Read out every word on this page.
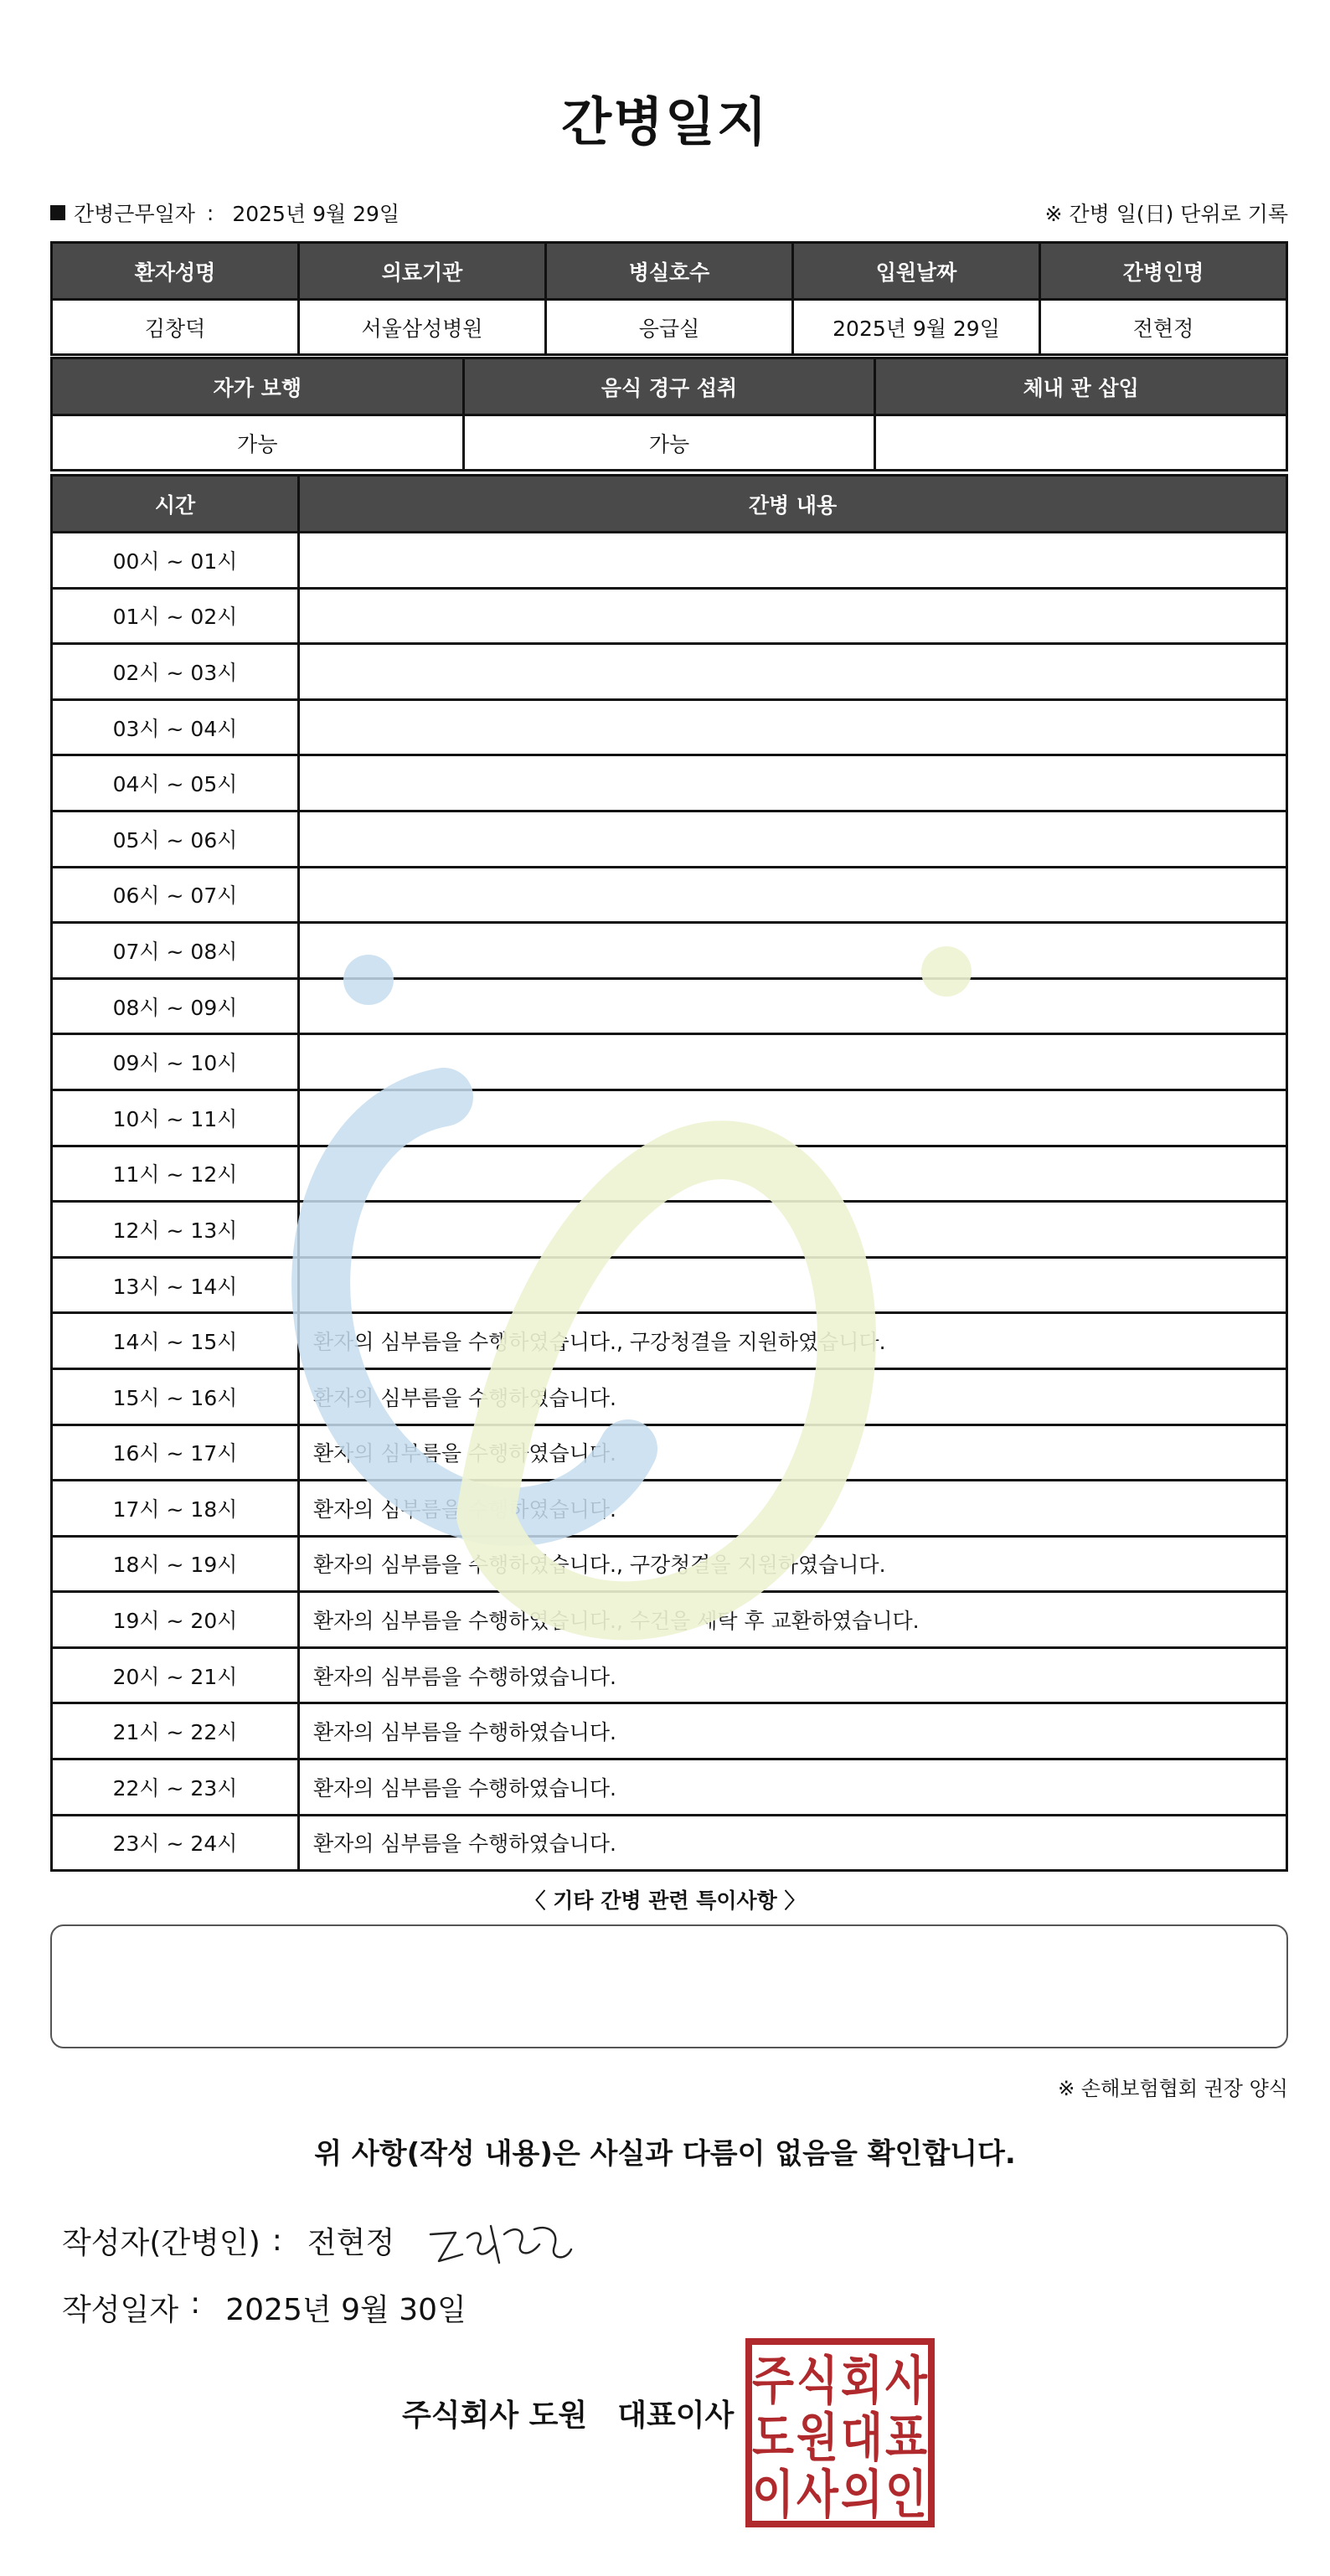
간병일지
간병근무일자 : 2025년 9월 29일	※ 간병 일(日) 단위로 기록
환자성명	의료기관	병실호수	입원날짜	간병인명
김창덕	서울삼성병원	응급실	2025년 9월 29일	전현정
자가 보행	음식 경구 섭취	체내 관 삽입
가능	가능	
시간	간병 내용
00시 ~ 01시	
01시 ~ 02시	
02시 ~ 03시	
03시 ~ 04시	
04시 ~ 05시	
05시 ~ 06시	
06시 ~ 07시	
07시 ~ 08시	
08시 ~ 09시	
09시 ~ 10시	
10시 ~ 11시	
11시 ~ 12시	
12시 ~ 13시	
13시 ~ 14시	
14시 ~ 15시	환자의 심부름을 수행하였습니다., 구강청결을 지원하였습니다.
15시 ~ 16시	환자의 심부름을 수행하였습니다.
16시 ~ 17시	환자의 심부름을 수행하였습니다.
17시 ~ 18시	환자의 심부름을 수행하였습니다.
18시 ~ 19시	환자의 심부름을 수행하였습니다., 구강청결을 지원하였습니다.
19시 ~ 20시	환자의 심부름을 수행하였습니다., 수건을 세탁 후 교환하였습니다.
20시 ~ 21시	환자의 심부름을 수행하였습니다.
21시 ~ 22시	환자의 심부름을 수행하였습니다.
22시 ~ 23시	환자의 심부름을 수행하였습니다.
23시 ~ 24시	환자의 심부름을 수행하였습니다.
〈 기타 간병 관련 특이사항 〉
※ 손해보험협회 권장 양식
위 사항(작성 내용)은 사실과 다름이 없음을 확인합니다.
작성자(간병인) : 전현정
작성일자 : 2025년 9월 30일
주식회사 도원 대표이사
주 식 회 사
도 원 대 표
이 사 의 인
